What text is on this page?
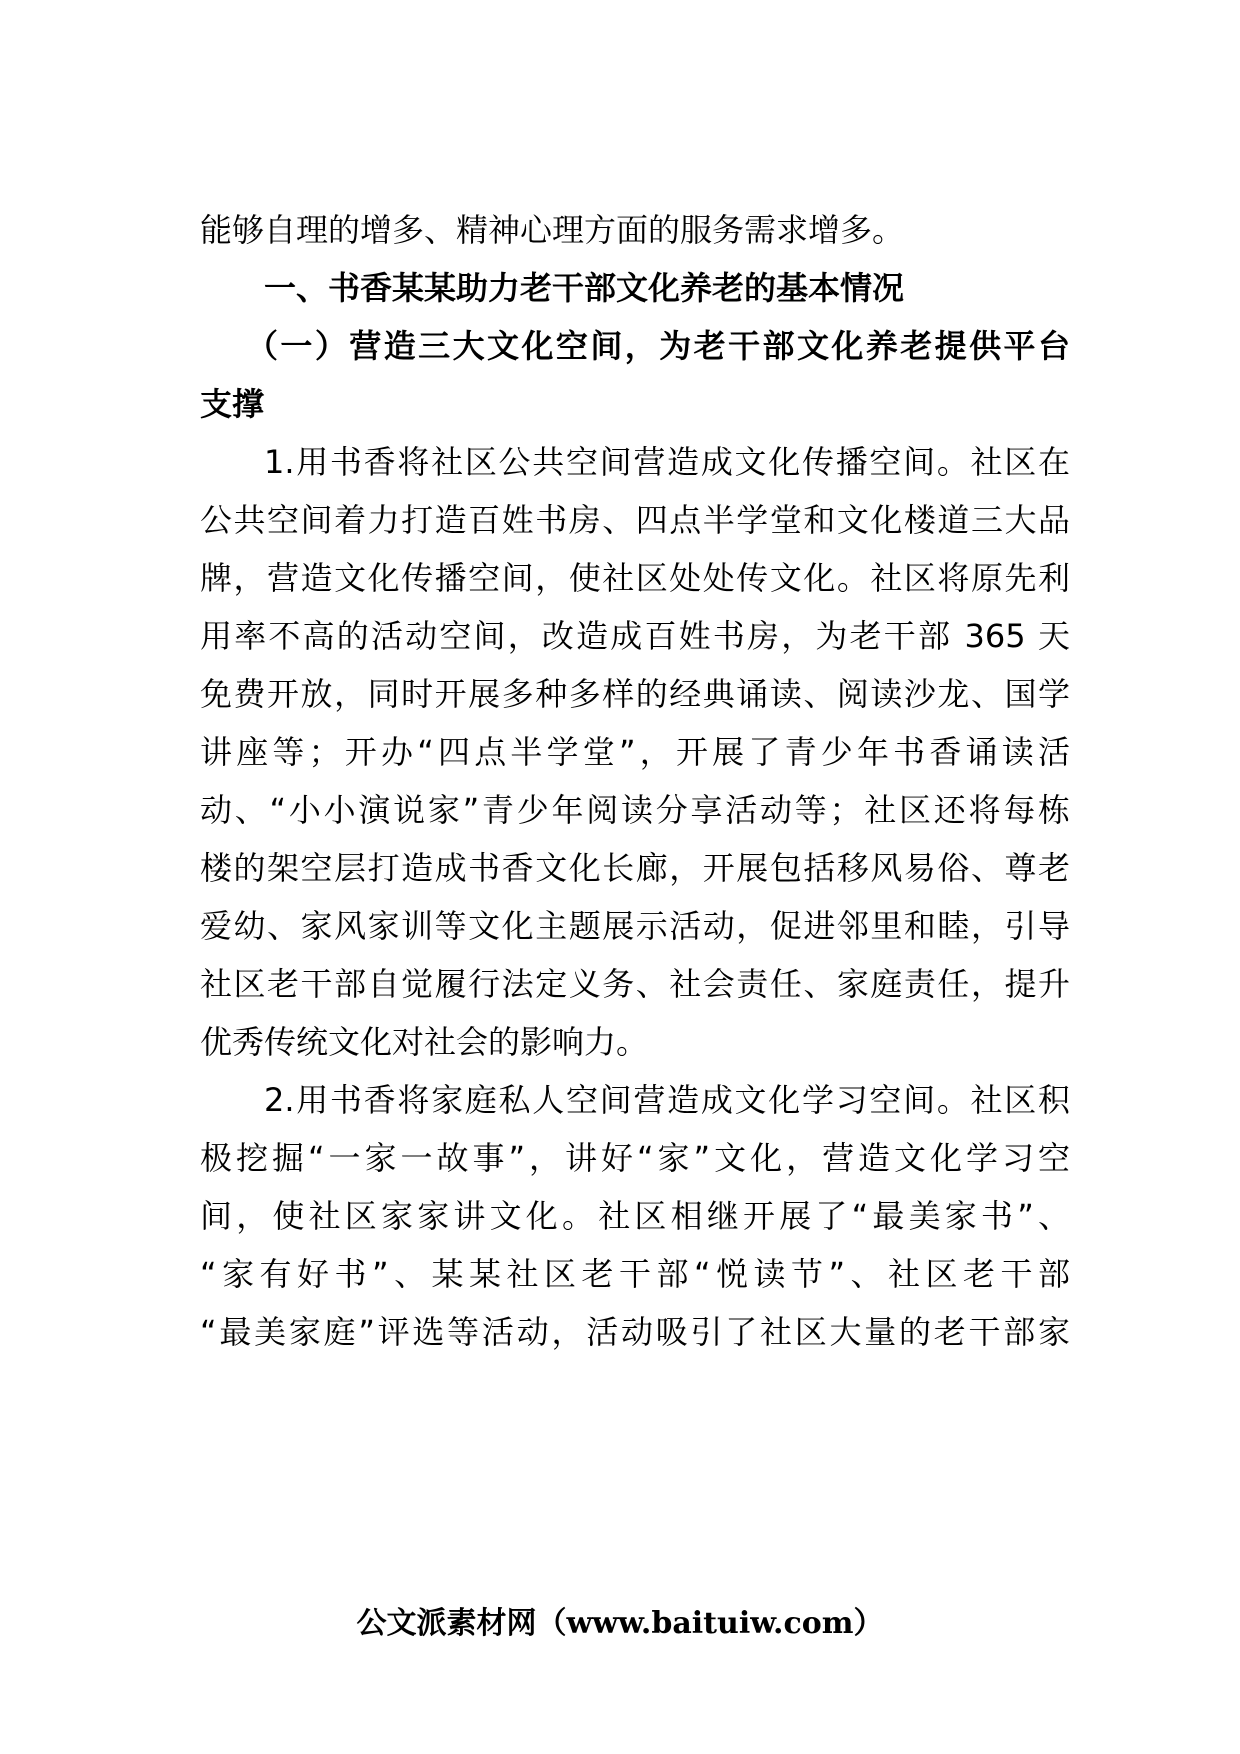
能够自理的增多、精神心理方面的服务需求增多。
一、书香某某助力老干部文化养老的基本情况
（一）营造三大文化空间，为老干部文化养老提供平台
支撑
1.用书香将社区公共空间营造成文化传播空间。社区在
公共空间着力打造百姓书房、四点半学堂和文化楼道三大品
牌，营造文化传播空间，使社区处处传文化。社区将原先利
用率不高的活动空间，改造成百姓书房，为老干部 365 天
免费开放，同时开展多种多样的经典诵读、阅读沙龙、国学
讲座等；开办“四点半学堂”，开展了青少年书香诵读活
动、“小小演说家”青少年阅读分享活动等；社区还将每栋
楼的架空层打造成书香文化长廊，开展包括移风易俗、尊老
爱幼、家风家训等文化主题展示活动，促进邻里和睦，引导
社区老干部自觉履行法定义务、社会责任、家庭责任，提升
优秀传统文化对社会的影响力。
2.用书香将家庭私人空间营造成文化学习空间。社区积
极挖掘“一家一故事”，讲好“家”文化，营造文化学习空
间，使社区家家讲文化。社区相继开展了“最美家书”、
“家有好书”、某某社区老干部“悦读节”、社区老干部
“最美家庭”评选等活动，活动吸引了社区大量的老干部家
公文派素材网（www.baituiw.com）
